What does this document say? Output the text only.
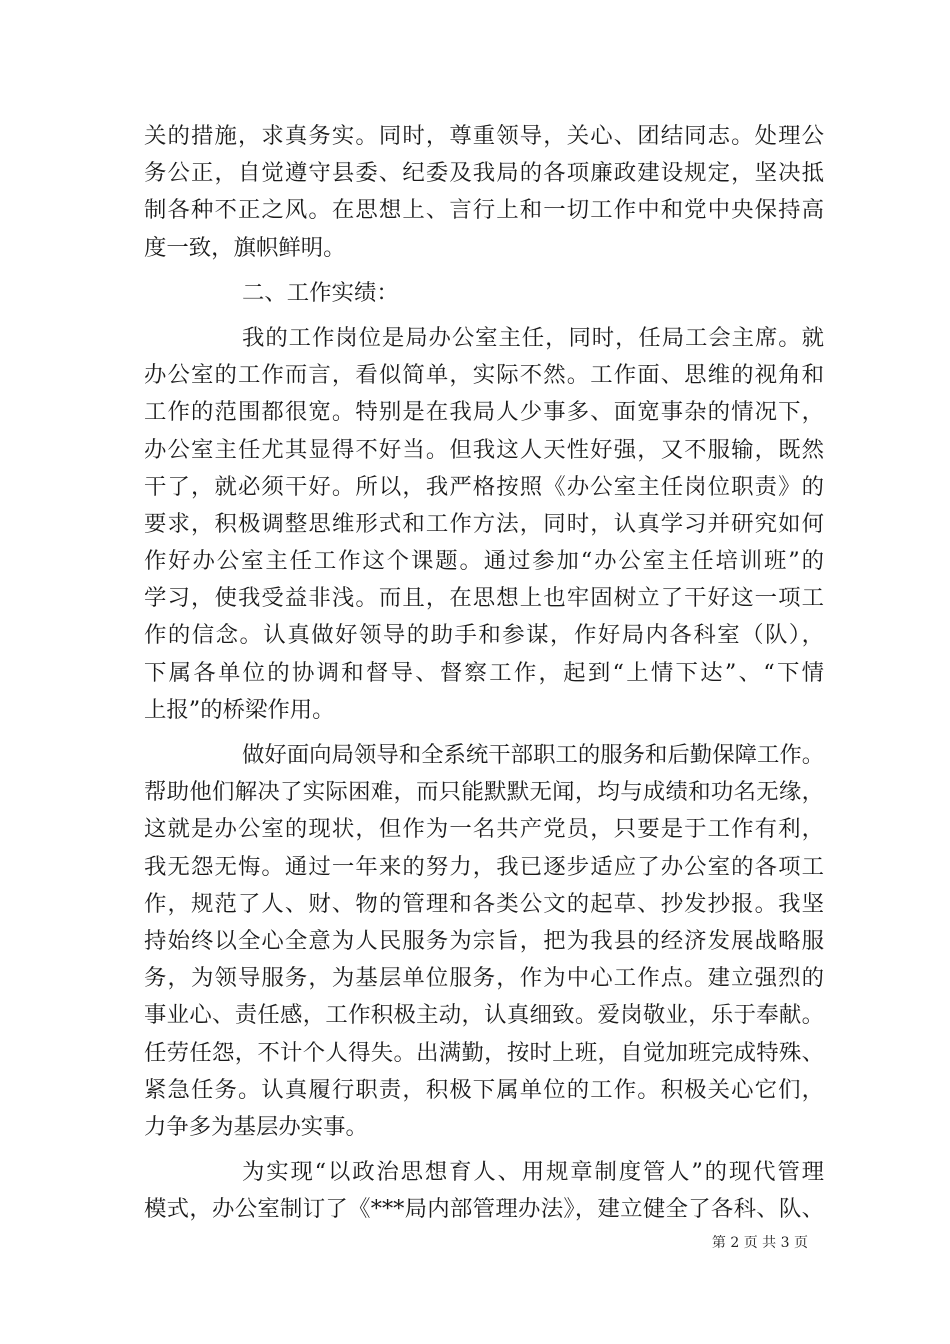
关的措施，求真务实。同时，尊重领导，关心、团结同志。处理公
务公正，自觉遵守县委、纪委及我局的各项廉政建设规定，坚决抵
制各种不正之风。在思想上、言行上和一切工作中和党中央保持高
度一致，旗帜鲜明。
二、工作实绩：
我的工作岗位是局办公室主任，同时，任局工会主席。就
办公室的工作而言，看似简单，实际不然。工作面、思维的视角和
工作的范围都很宽。特别是在我局人少事多、面宽事杂的情况下，
办公室主任尤其显得不好当。但我这人天性好强，又不服输，既然
干了，就必须干好。所以，我严格按照《办公室主任岗位职责》的
要求，积极调整思维形式和工作方法，同时，认真学习并研究如何
作好办公室主任工作这个课题。通过参加“办公室主任培训班”的
学习，使我受益非浅。而且，在思想上也牢固树立了干好这一项工
作的信念。认真做好领导的助手和参谋，作好局内各科室（队），
下属各单位的协调和督导、督察工作，起到“上情下达”、“下情
上报”的桥梁作用。
做好面向局领导和全系统干部职工的服务和后勤保障工作。
帮助他们解决了实际困难，而只能默默无闻，均与成绩和功名无缘，
这就是办公室的现状，但作为一名共产党员，只要是于工作有利，
我无怨无悔。通过一年来的努力，我已逐步适应了办公室的各项工
作，规范了人、财、物的管理和各类公文的起草、抄发抄报。我坚
持始终以全心全意为人民服务为宗旨，把为我县的经济发展战略服
务，为领导服务，为基层单位服务，作为中心工作点。建立强烈的
事业心、责任感，工作积极主动，认真细致。爱岗敬业，乐于奉献。
任劳任怨，不计个人得失。出满勤，按时上班，自觉加班完成特殊、
紧急任务。认真履行职责，积极下属单位的工作。积极关心它们，
力争多为基层办实事。
为实现“以政治思想育人、用规章制度管人”的现代管理
模式，办公室制订了《***局内部管理办法》，建立健全了各科、队、
第 2 页 共 3 页
